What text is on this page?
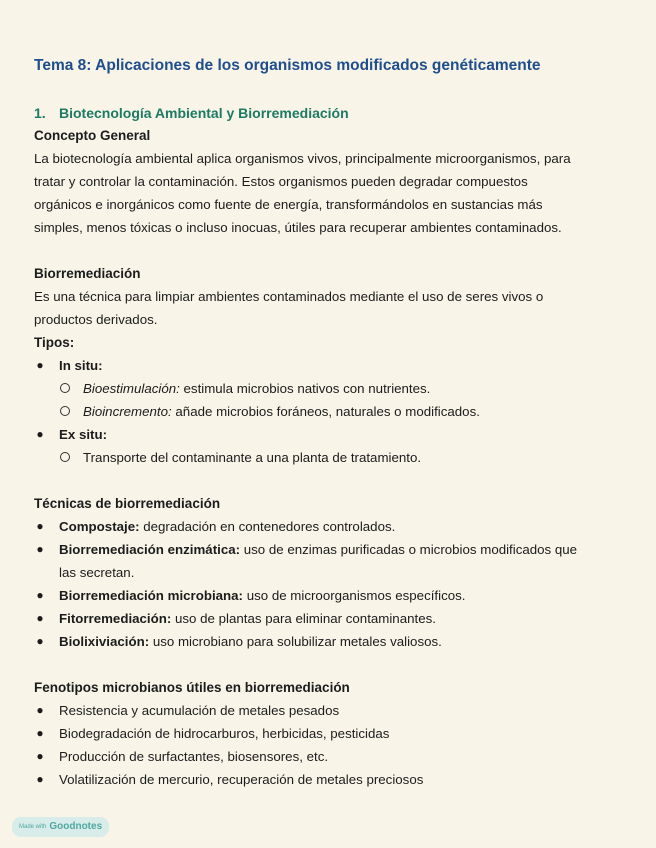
Tema 8: Aplicaciones de los organismos modificados genéticamente
1. Biotecnología Ambiental y Biorremediación
Concepto General
La biotecnología ambiental aplica organismos vivos, principalmente microorganismos, para
tratar y controlar la contaminación. Estos organismos pueden degradar compuestos
orgánicos e inorgánicos como fuente de energía, transformándolos en sustancias más
simples, menos tóxicas o incluso inocuas, útiles para recuperar ambientes contaminados.
Biorremediación
Es una técnica para limpiar ambientes contaminados mediante el uso de seres vivos o
productos derivados.
Tipos:
● In situ:
Bioestimulación: estimula microbios nativos con nutrientes.
Bioincremento: añade microbios foráneos, naturales o modificados.
● Ex situ:
Transporte del contaminante a una planta de tratamiento.
Técnicas de biorremediación
● Compostaje: degradación en contenedores controlados.
● Biorremediación enzimática: uso de enzimas purificadas o microbios modificados que
las secretan.
● Biorremediación microbiana: uso de microorganismos específicos.
● Fitorremediación: uso de plantas para eliminar contaminantes.
● Biolixiviación: uso microbiano para solubilizar metales valiosos.
Fenotipos microbianos útiles en biorremediación
● Resistencia y acumulación de metales pesados
● Biodegradación de hidrocarburos, herbicidas, pesticidas
● Producción de surfactantes, biosensores, etc.
● Volatilización de mercurio, recuperación de metales preciosos
Made with Goodnotes
